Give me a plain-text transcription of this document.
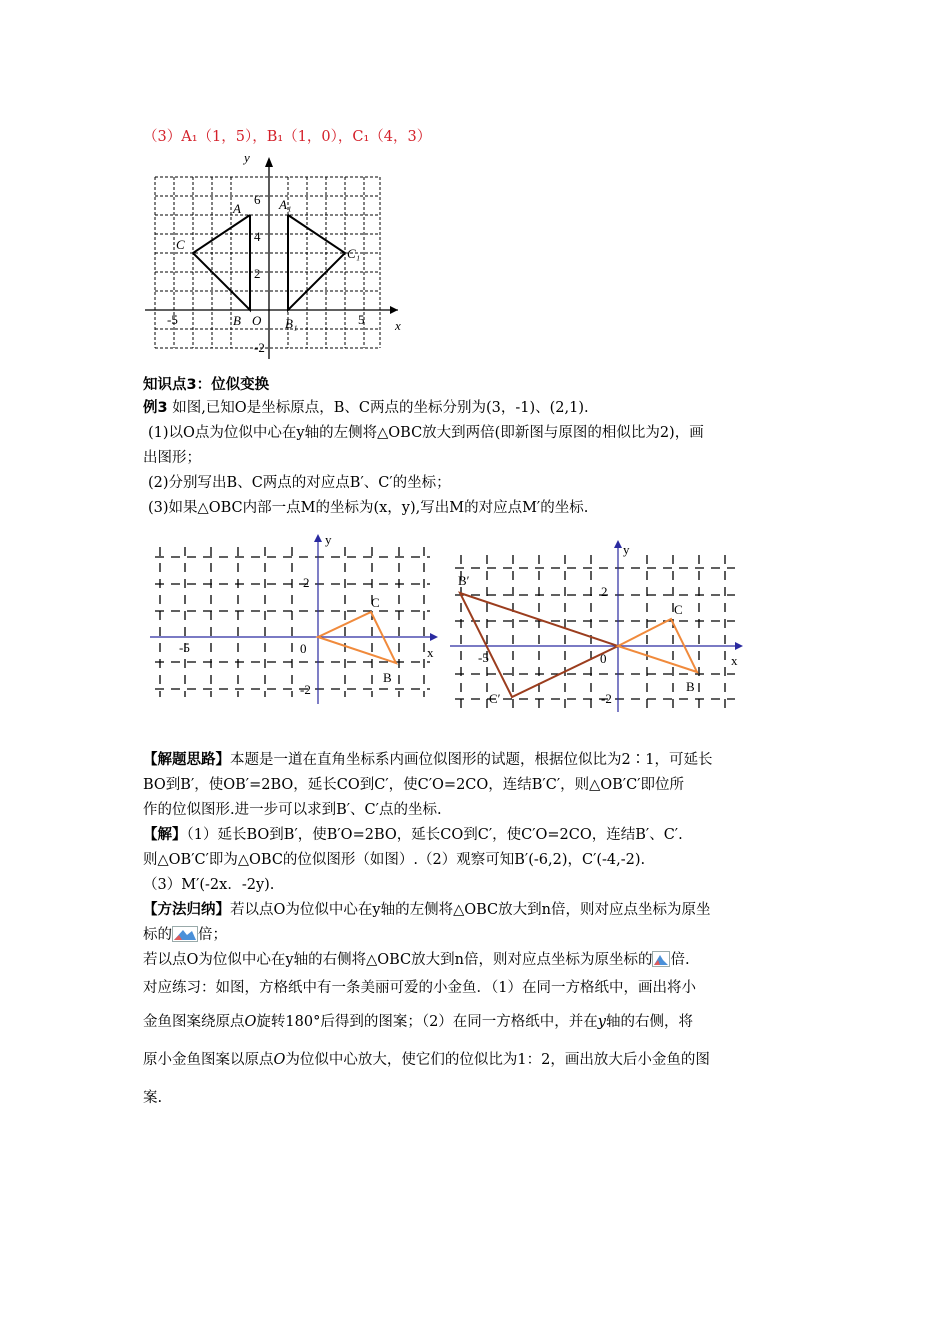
（3）A₁（1，5），B₁（1，0），C₁（4，3）
x
y
-5	5
O
6
4
2
-2
A
B
C
A₁
B₁
C₁
知识点3：位似变换
例3 如图,已知O是坐标原点，B、C两点的坐标分别为(3，-1)、(2,1).
(1)以O点为位似中心在y轴的左侧将△OBC放大到两倍(即新图与原图的相似比为2)，画
出图形；
(2)分别写出B、C两点的对应点B′、C′的坐标；
(3)如果△OBC内部一点M的坐标为(x，y),写出M的对应点M′的坐标.
x
y
2
-2
-5	0
B
C
x
y
2
-2
-5	0
B
C
B′
C′
【解题思路】本题是一道在直角坐标系内画位似图形的试题，根据位似比为2∶1，可延长
BO到B′，使OB′=2BO，延长CO到C′，使C′O=2CO，连结B′C′，则△OB′C′即位所
作的位似图形.进一步可以求到B′、C′点的坐标.
【解】（1）延长BO到B′，使B′O=2BO，延长CO到C′，使C′O=2CO，连结B′、C′.
则△OB′C′即为△OBC的位似图形（如图）.（2）观察可知B′(-6,2)，C′(-4,-2).
（3）M′(-2x．-2y).
【方法归纳】若以点O为位似中心在y轴的左侧将△OBC放大到n倍，则对应点坐标为原坐
标的 倍；
若以点O为位似中心在y轴的右侧将△OBC放大到n倍，则对应点坐标为原坐标的 倍.
对应练习：如图，方格纸中有一条美丽可爱的小金鱼．（1）在同一方格纸中，画出将小
金鱼图案绕原点O旋转180°后得到的图案；（2）在同一方格纸中，并在y轴的右侧，将
原小金鱼图案以原点O为位似中心放大，使它们的位似比为1：2，画出放大后小金鱼的图
案.
